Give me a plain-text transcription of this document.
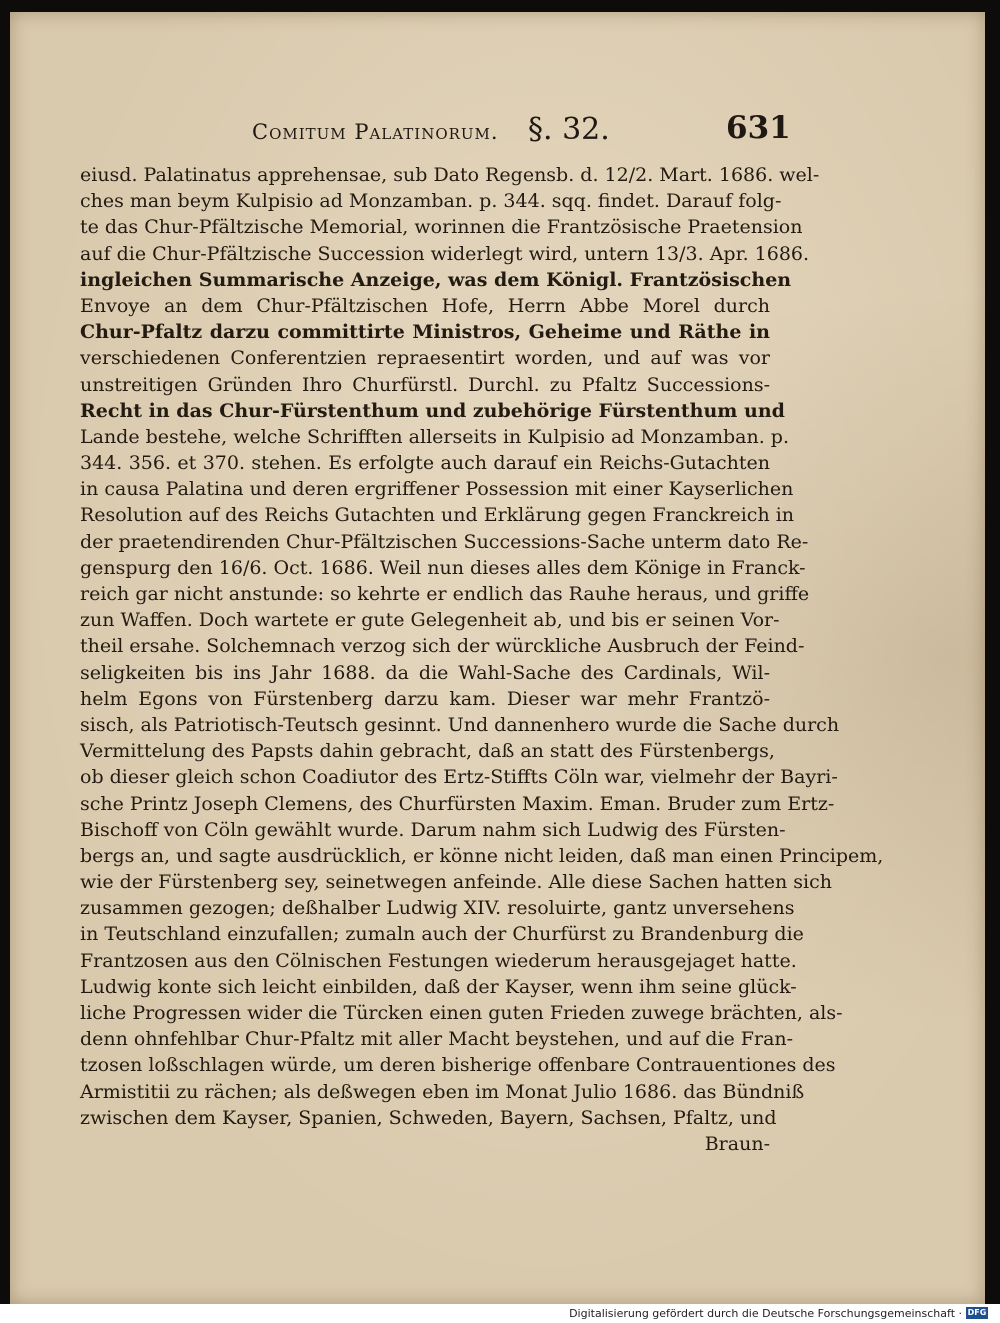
Comitum Palatinorum. §. 32.	631
eiusd. Palatinatus apprehensae, sub Dato Regensb. d. 12/2. Mart. 1686. wel-
ches man beym Kulpisio ad Monzamban. p. 344. sqq. findet. Darauf folg-
te das Chur-Pfältzische Memorial, worinnen die Frantzösische Praetension
auf die Chur-Pfältzische Succession widerlegt wird, untern 13/3. Apr. 1686.
ingleichen Summarische Anzeige, was dem Königl. Frantzösischen
Envoye an dem Chur-Pfältzischen Hofe, Herrn Abbe Morel durch
Chur-Pfaltz darzu committirte Ministros, Geheime und Räthe in
verschiedenen Conferentzien repraesentirt worden, und auf was vor
unstreitigen Gründen Ihro Churfürstl. Durchl. zu Pfaltz Successions-
Recht in das Chur-Fürstenthum und zubehörige Fürstenthum und
Lande bestehe, welche Schrifften allerseits in Kulpisio ad Monzamban. p.
344. 356. et 370. stehen. Es erfolgte auch darauf ein Reichs-Gutachten
in causa Palatina und deren ergriffener Possession mit einer Kayserlichen
Resolution auf des Reichs Gutachten und Erklärung gegen Franckreich in
der praetendirenden Chur-Pfältzischen Successions-Sache unterm dato Re-
genspurg den 16/6. Oct. 1686. Weil nun dieses alles dem Könige in Franck-
reich gar nicht anstunde: so kehrte er endlich das Rauhe heraus, und griffe
zun Waffen. Doch wartete er gute Gelegenheit ab, und bis er seinen Vor-
theil ersahe. Solchemnach verzog sich der würckliche Ausbruch der Feind-
seligkeiten bis ins Jahr 1688. da die Wahl-Sache des Cardinals, Wil-
helm Egons von Fürstenberg darzu kam. Dieser war mehr Frantzö-
sisch, als Patriotisch-Teutsch gesinnt. Und dannenhero wurde die Sache durch
Vermittelung des Papsts dahin gebracht, daß an statt des Fürstenbergs,
ob dieser gleich schon Coadiutor des Ertz-Stiffts Cöln war, vielmehr der Bayri-
sche Printz Joseph Clemens, des Churfürsten Maxim. Eman. Bruder zum Ertz-
Bischoff von Cöln gewählt wurde. Darum nahm sich Ludwig des Fürsten-
bergs an, und sagte ausdrücklich, er könne nicht leiden, daß man einen Principem,
wie der Fürstenberg sey, seinetwegen anfeinde. Alle diese Sachen hatten sich
zusammen gezogen; deßhalber Ludwig XIV. resoluirte, gantz unversehens
in Teutschland einzufallen; zumaln auch der Churfürst zu Brandenburg die
Frantzosen aus den Cölnischen Festungen wiederum herausgejaget hatte.
Ludwig konte sich leicht einbilden, daß der Kayser, wenn ihm seine glück-
liche Progressen wider die Türcken einen guten Frieden zuwege brächten, als-
denn ohnfehlbar Chur-Pfaltz mit aller Macht beystehen, und auf die Fran-
tzosen loßschlagen würde, um deren bisherige offenbare Contrauentiones des
Armistitii zu rächen; als deßwegen eben im Monat Julio 1686. das Bündniß
zwischen dem Kayser, Spanien, Schweden, Bayern, Sachsen, Pfaltz, und
Braun-
Digitalisierung gefördert durch die Deutsche Forschungsgemeinschaft · DFG
